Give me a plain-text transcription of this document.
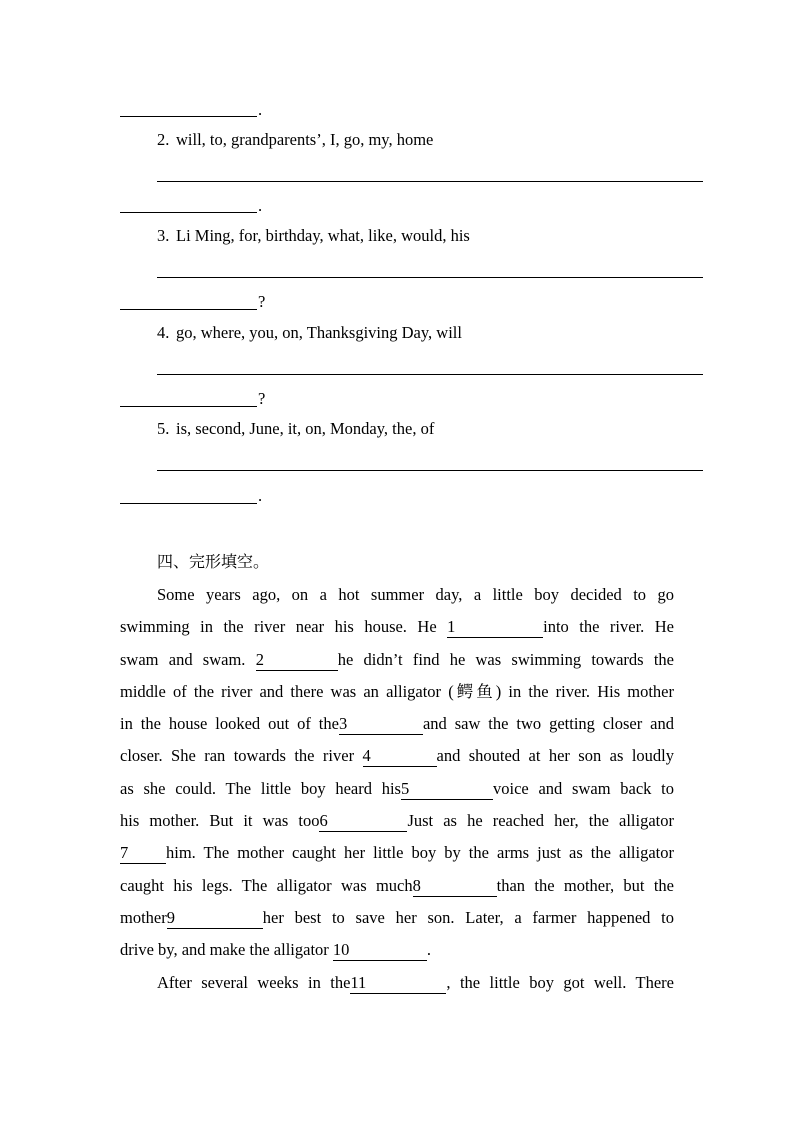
.
2. will, to, grandparents’, I, go, my, home
.
3. Li Ming, for, birthday, what, like, would, his
?
4. go, where, you, on, Thanksgiving Day, will
?
5. is, second, June, it, on, Monday, the, of
.
四、完形填空。
Some years ago, on a hot summer day, a little boy decided to go
swimming in the river near his house. He 1	into the river. He
swam and swam. 2	he didn’t find he was swimming towards the
middle of the river and there was an alligator (鳄鱼) in the river. His mother
in the house looked out of the3	and saw the two getting closer and
closer. She ran towards the river 4	and shouted at her son as loudly
as she could. The little boy heard his5	voice and swam back to
his mother. But it was too6	Just as he reached her, the alligator
7 him. The mother caught her little boy by the arms just as the alligator
caught his legs. The alligator was much8	than the mother, but the
mother9	her best to save her son. Later, a farmer happened to
drive by, and make the alligator 10	.
After several weeks in the11	, the little boy got well. There
